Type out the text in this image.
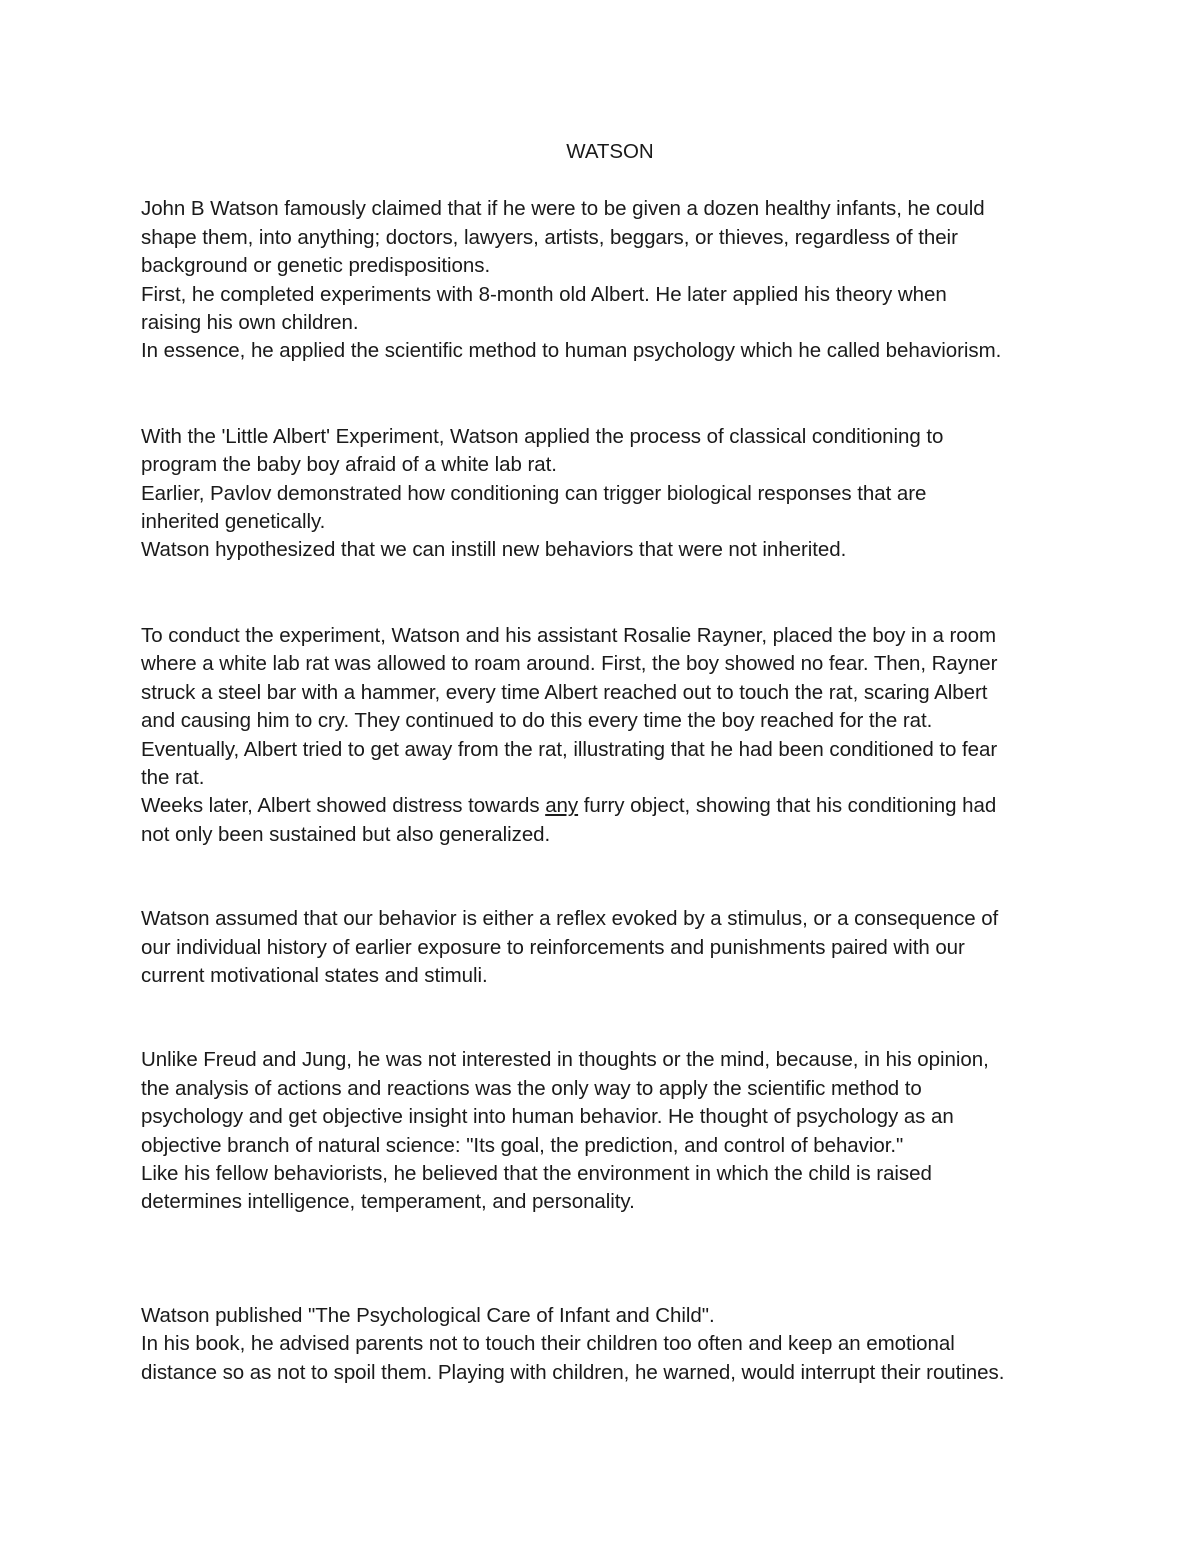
WATSON

John B Watson famously claimed that if he were to be given a dozen healthy infants, he could
shape them, into anything; doctors, lawyers, artists, beggars, or thieves, regardless of their
background or genetic predispositions.
First, he completed experiments with 8-month old Albert. He later applied his theory when
raising his own children.
In essence, he applied the scientific method to human psychology which he called behaviorism.

With the 'Little Albert' Experiment, Watson applied the process of classical conditioning to
program the baby boy afraid of a white lab rat.
Earlier, Pavlov demonstrated how conditioning can trigger biological responses that are
inherited genetically.
Watson hypothesized that we can instill new behaviors that were not inherited.

To conduct the experiment, Watson and his assistant Rosalie Rayner, placed the boy in a room
where a white lab rat was allowed to roam around. First, the boy showed no fear. Then, Rayner
struck a steel bar with a hammer, every time Albert reached out to touch the rat, scaring Albert
and causing him to cry. They continued to do this every time the boy reached for the rat.
Eventually, Albert tried to get away from the rat, illustrating that he had been conditioned to fear
the rat.
Weeks later, Albert showed distress towards any furry object, showing that his conditioning had
not only been sustained but also generalized.

Watson assumed that our behavior is either a reflex evoked by a stimulus, or a consequence of
our individual history of earlier exposure to reinforcements and punishments paired with our
current motivational states and stimuli.

Unlike Freud and Jung, he was not interested in thoughts or the mind, because, in his opinion,
the analysis of actions and reactions was the only way to apply the scientific method to
psychology and get objective insight into human behavior. He thought of psychology as an
objective branch of natural science: "Its goal, the prediction, and control of behavior."
Like his fellow behaviorists, he believed that the environment in which the child is raised
determines intelligence, temperament, and personality.

Watson published "The Psychological Care of Infant and Child".
In his book, he advised parents not to touch their children too often and keep an emotional
distance so as not to spoil them. Playing with children, he warned, would interrupt their routines.
